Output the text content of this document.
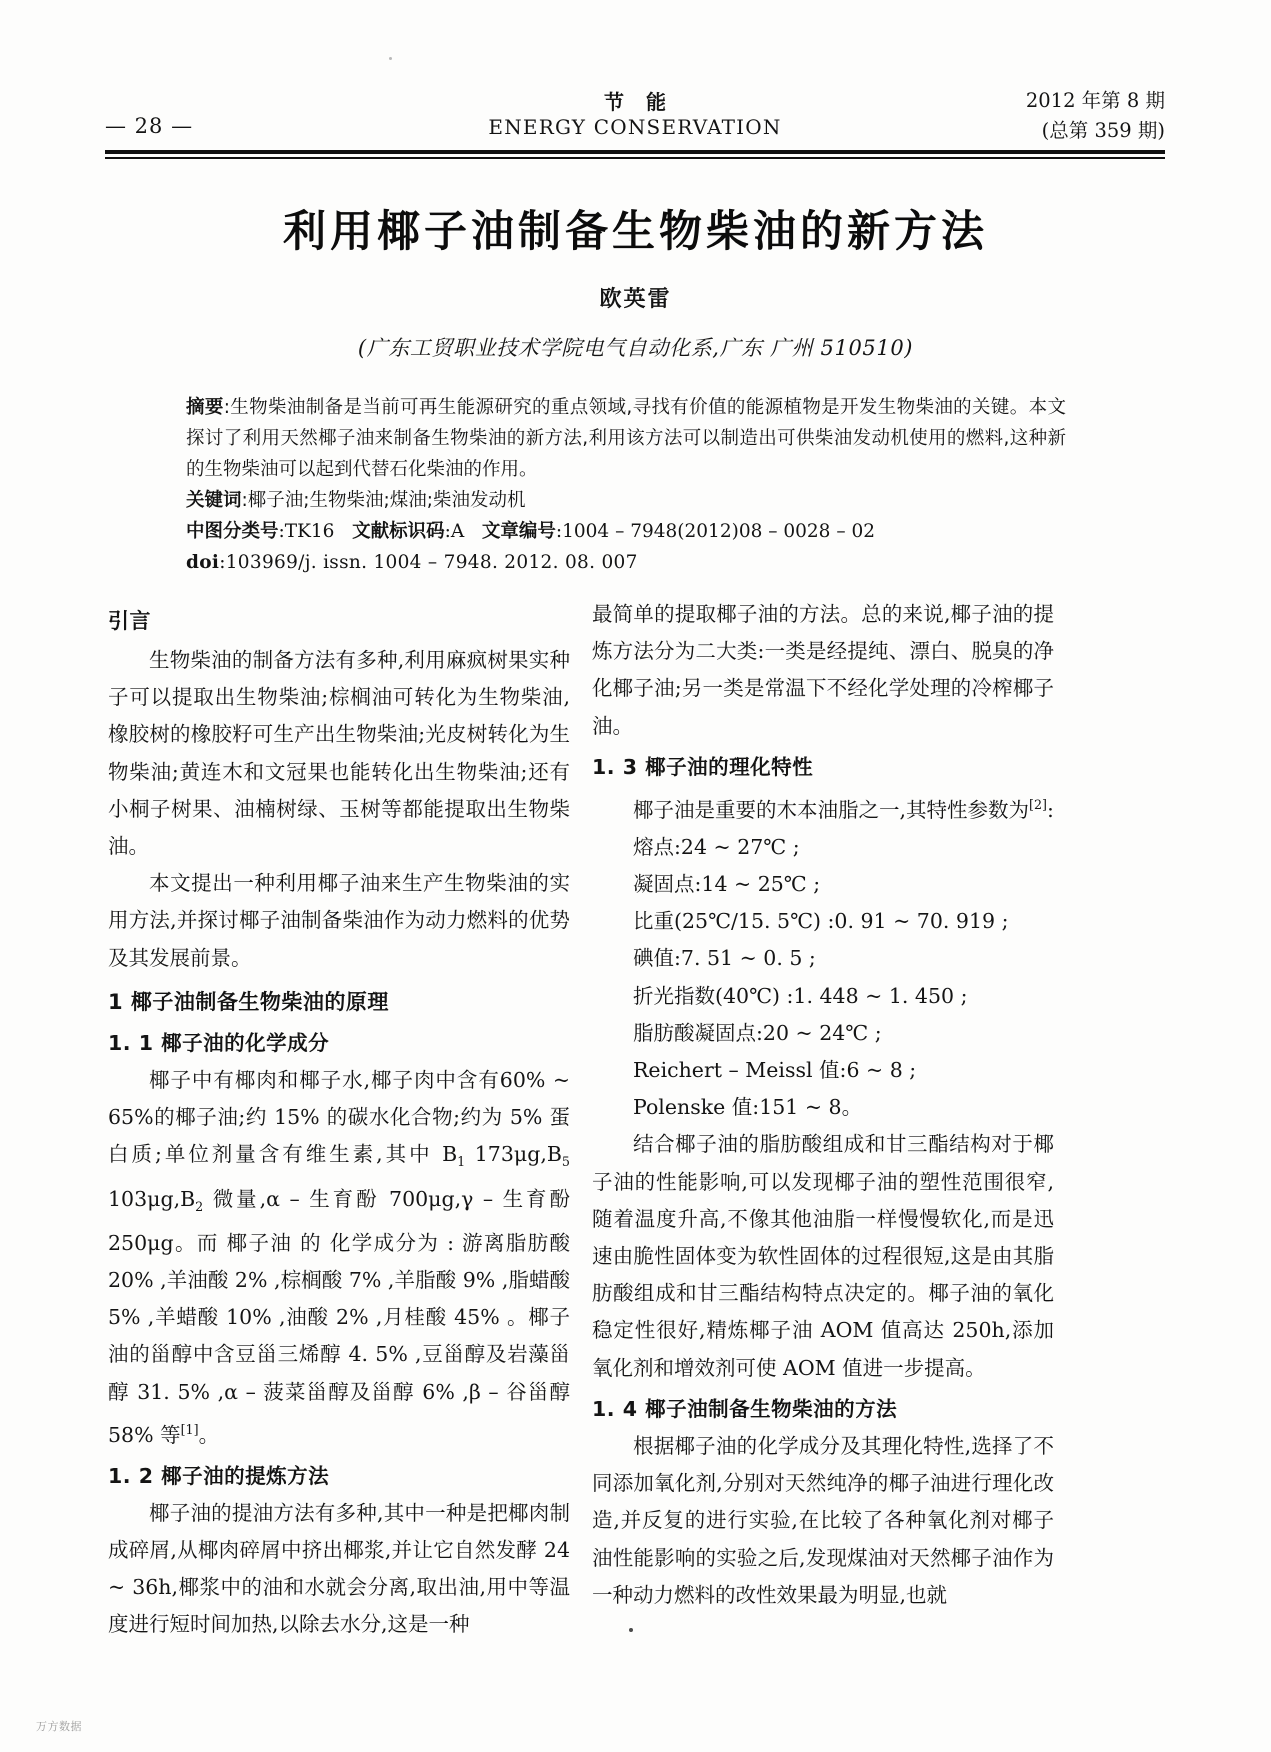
— 28 —
节能
ENERGY CONSERVATION
2012 年第 8 期
(总第 359 期)
利用椰子油制备生物柴油的新方法
欧英雷
(广东工贸职业技术学院电气自动化系,广东 广州 510510)

摘要:生物柴油制备是当前可再生能源研究的重点领域,寻找有价值的能源植物是开发生物柴油的关键。本文探讨了利用天然椰子油来制备生物柴油的新方法,利用该方法可以制造出可供柴油发动机使用的燃料,这种新的生物柴油可以起到代替石化柴油的作用。

关键词:椰子油;生物柴油;煤油;柴油发动机

中图分类号:TK16 文献标识码:A 文章编号:1004 – 7948(2012)08 – 0028 – 02

doi:103969/j. issn. 1004 – 7948. 2012. 08. 007

引言

生物柴油的制备方法有多种,利用麻疯树果实种子可以提取出生物柴油;棕榈油可转化为生物柴油,橡胶树的橡胶籽可生产出生物柴油;光皮树转化为生物柴油;黄连木和文冠果也能转化出生物柴油;还有小桐子树果、油楠树绿、玉树等都能提取出生物柴油。

本文提出一种利用椰子油来生产生物柴油的实用方法,并探讨椰子油制备柴油作为动力燃料的优势及其发展前景。

1 椰子油制备生物柴油的原理
1. 1 椰子油的化学成分

椰子中有椰肉和椰子水,椰子肉中含有60% ~ 65%的椰子油;约 15% 的碳水化合物;约为 5% 蛋白质;单位剂量含有维生素,其中 $B_1$ $173\mu g,B_5$ $103\mu g,B_2$ 微量,α – 生育酚 700μg,γ – 生育酚 250μg。而 椰子油 的 化学成分为 : 游离脂肪酸 20% ,羊油酸 2% ,棕榈酸 7% ,羊脂酸 9% ,脂蜡酸 5% ,羊蜡酸 10% ,油酸 2% ,月桂酸 45% 。椰子油的甾醇中含豆甾三烯醇 4. 5% ,豆甾醇及岩藻甾醇 31. 5% ,α – 菠菜甾醇及甾醇 6% ,β – 谷甾醇 58% 等[1]。

1. 2 椰子油的提炼方法

椰子油的提油方法有多种,其中一种是把椰肉制成碎屑,从椰肉碎屑中挤出椰浆,并让它自然发酵 24 ~ 36h,椰浆中的油和水就会分离,取出油,用中等温度进行短时间加热,以除去水分,这是一种

最简单的提取椰子油的方法。总的来说,椰子油的提炼方法分为二大类:一类是经提纯、漂白、脱臭的净化椰子油;另一类是常温下不经化学处理的冷榨椰子油。

1. 3 椰子油的理化特性

椰子油是重要的木本油脂之一,其特性参数为[2]:

熔点:24 ~ 27℃ ;
凝固点:14 ~ 25℃ ;
比重(25℃/15. 5℃) :0. 91 ~ 70. 919 ;
碘值:7. 51 ~ 0. 5 ;
折光指数(40℃) :1. 448 ~ 1. 450 ;
脂肪酸凝固点:20 ~ 24℃ ;
Reichert – Meissl 值:6 ~ 8 ;
Polenske 值:151 ~ 8。

结合椰子油的脂肪酸组成和甘三酯结构对于椰子油的性能影响,可以发现椰子油的塑性范围很窄,随着温度升高,不像其他油脂一样慢慢软化,而是迅速由脆性固体变为软性固体的过程很短,这是由其脂肪酸组成和甘三酯结构特点决定的。椰子油的氧化稳定性很好,精炼椰子油 AOM 值高达 250h,添加氧化剂和增效剂可使 AOM 值进一步提高。

1. 4 椰子油制备生物柴油的方法

根据椰子油的化学成分及其理化特性,选择了不同添加氧化剂,分别对天然纯净的椰子油进行理化改造,并反复的进行实验,在比较了各种氧化剂对椰子油性能影响的实验之后,发现煤油对天然椰子油作为一种动力燃料的改性效果最为明显,也就

万方数据
